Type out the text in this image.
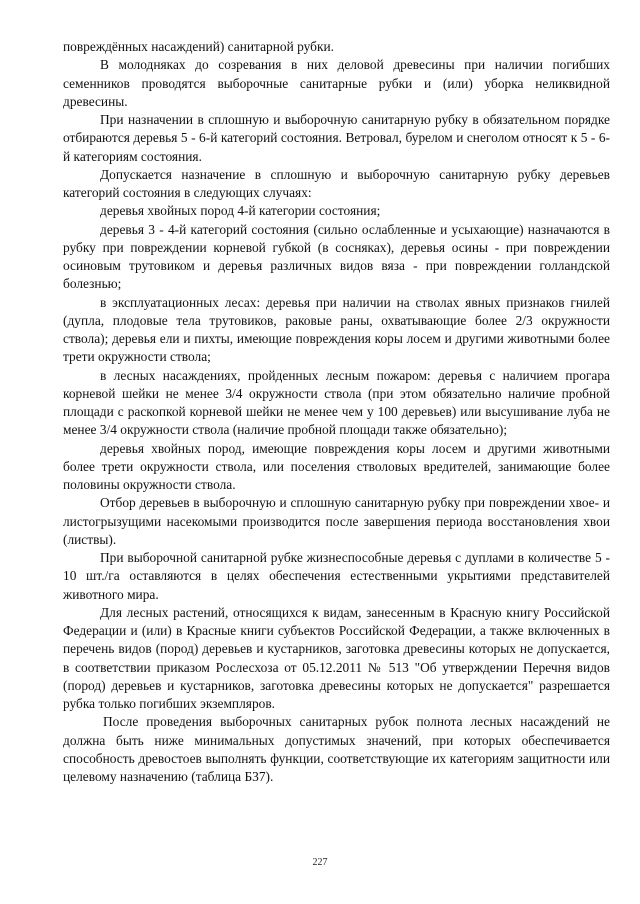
повреждённых насаждений) санитарной рубки.

В молодняках до созревания в них деловой древесины при наличии погибших семенников проводятся выборочные санитарные рубки и (или) уборка неликвидной древесины.

При назначении в сплошную и выборочную санитарную рубку в обязательном порядке отбираются деревья 5 - 6-й категорий состояния. Ветровал, бурелом и снеголом относят к 5 - 6-й категориям состояния.

Допускается назначение в сплошную и выборочную санитарную рубку деревьев категорий состояния в следующих случаях:

деревья хвойных пород 4-й категории состояния;

деревья 3 - 4-й категорий состояния (сильно ослабленные и усыхающие) назначаются в рубку при повреждении корневой губкой (в сосняках), деревья осины - при повреждении осиновым трутовиком и деревья различных видов вяза - при повреждении голландской болезнью;

в эксплуатационных лесах: деревья при наличии на стволах явных признаков гнилей (дупла, плодовые тела трутовиков, раковые раны, охватывающие более 2/3 окружности ствола); деревья ели и пихты, имеющие повреждения коры лосем и другими животными более трети окружности ствола;

в лесных насаждениях, пройденных лесным пожаром: деревья с наличием прогара корневой шейки не менее 3/4 окружности ствола (при этом обязательно наличие пробной площади с раскопкой корневой шейки не менее чем у 100 деревьев) или высушивание луба не менее 3/4 окружности ствола (наличие пробной площади также обязательно);

деревья хвойных пород, имеющие повреждения коры лосем и другими животными более трети окружности ствола, или поселения стволовых вредителей, занимающие более половины окружности ствола.

Отбор деревьев в выборочную и сплошную санитарную рубку при повреждении хвое- и листогрызущими насекомыми производится после завершения периода восстановления хвои (листвы).

При выборочной санитарной рубке жизнеспособные деревья с дуплами в количестве 5 - 10 шт./га оставляются в целях обеспечения естественными укрытиями представителей животного мира.

Для лесных растений, относящихся к видам, занесенным в Красную книгу Российской Федерации и (или) в Красные книги субъектов Российской Федерации, а также включенных в перечень видов (пород) деревьев и кустарников, заготовка древесины которых не допускается, в соответствии приказом Рослесхоза от 05.12.2011 № 513 "Об утверждении Перечня видов (пород) деревьев и кустарников, заготовка древесины которых не допускается" разрешается рубка только погибших экземпляров.

После проведения выборочных санитарных рубок полнота лесных насаждений не должна быть ниже минимальных допустимых значений, при которых обеспечивается способность древостоев выполнять функции, соответствующие их категориям защитности или целевому назначению (таблица Б37).

227
